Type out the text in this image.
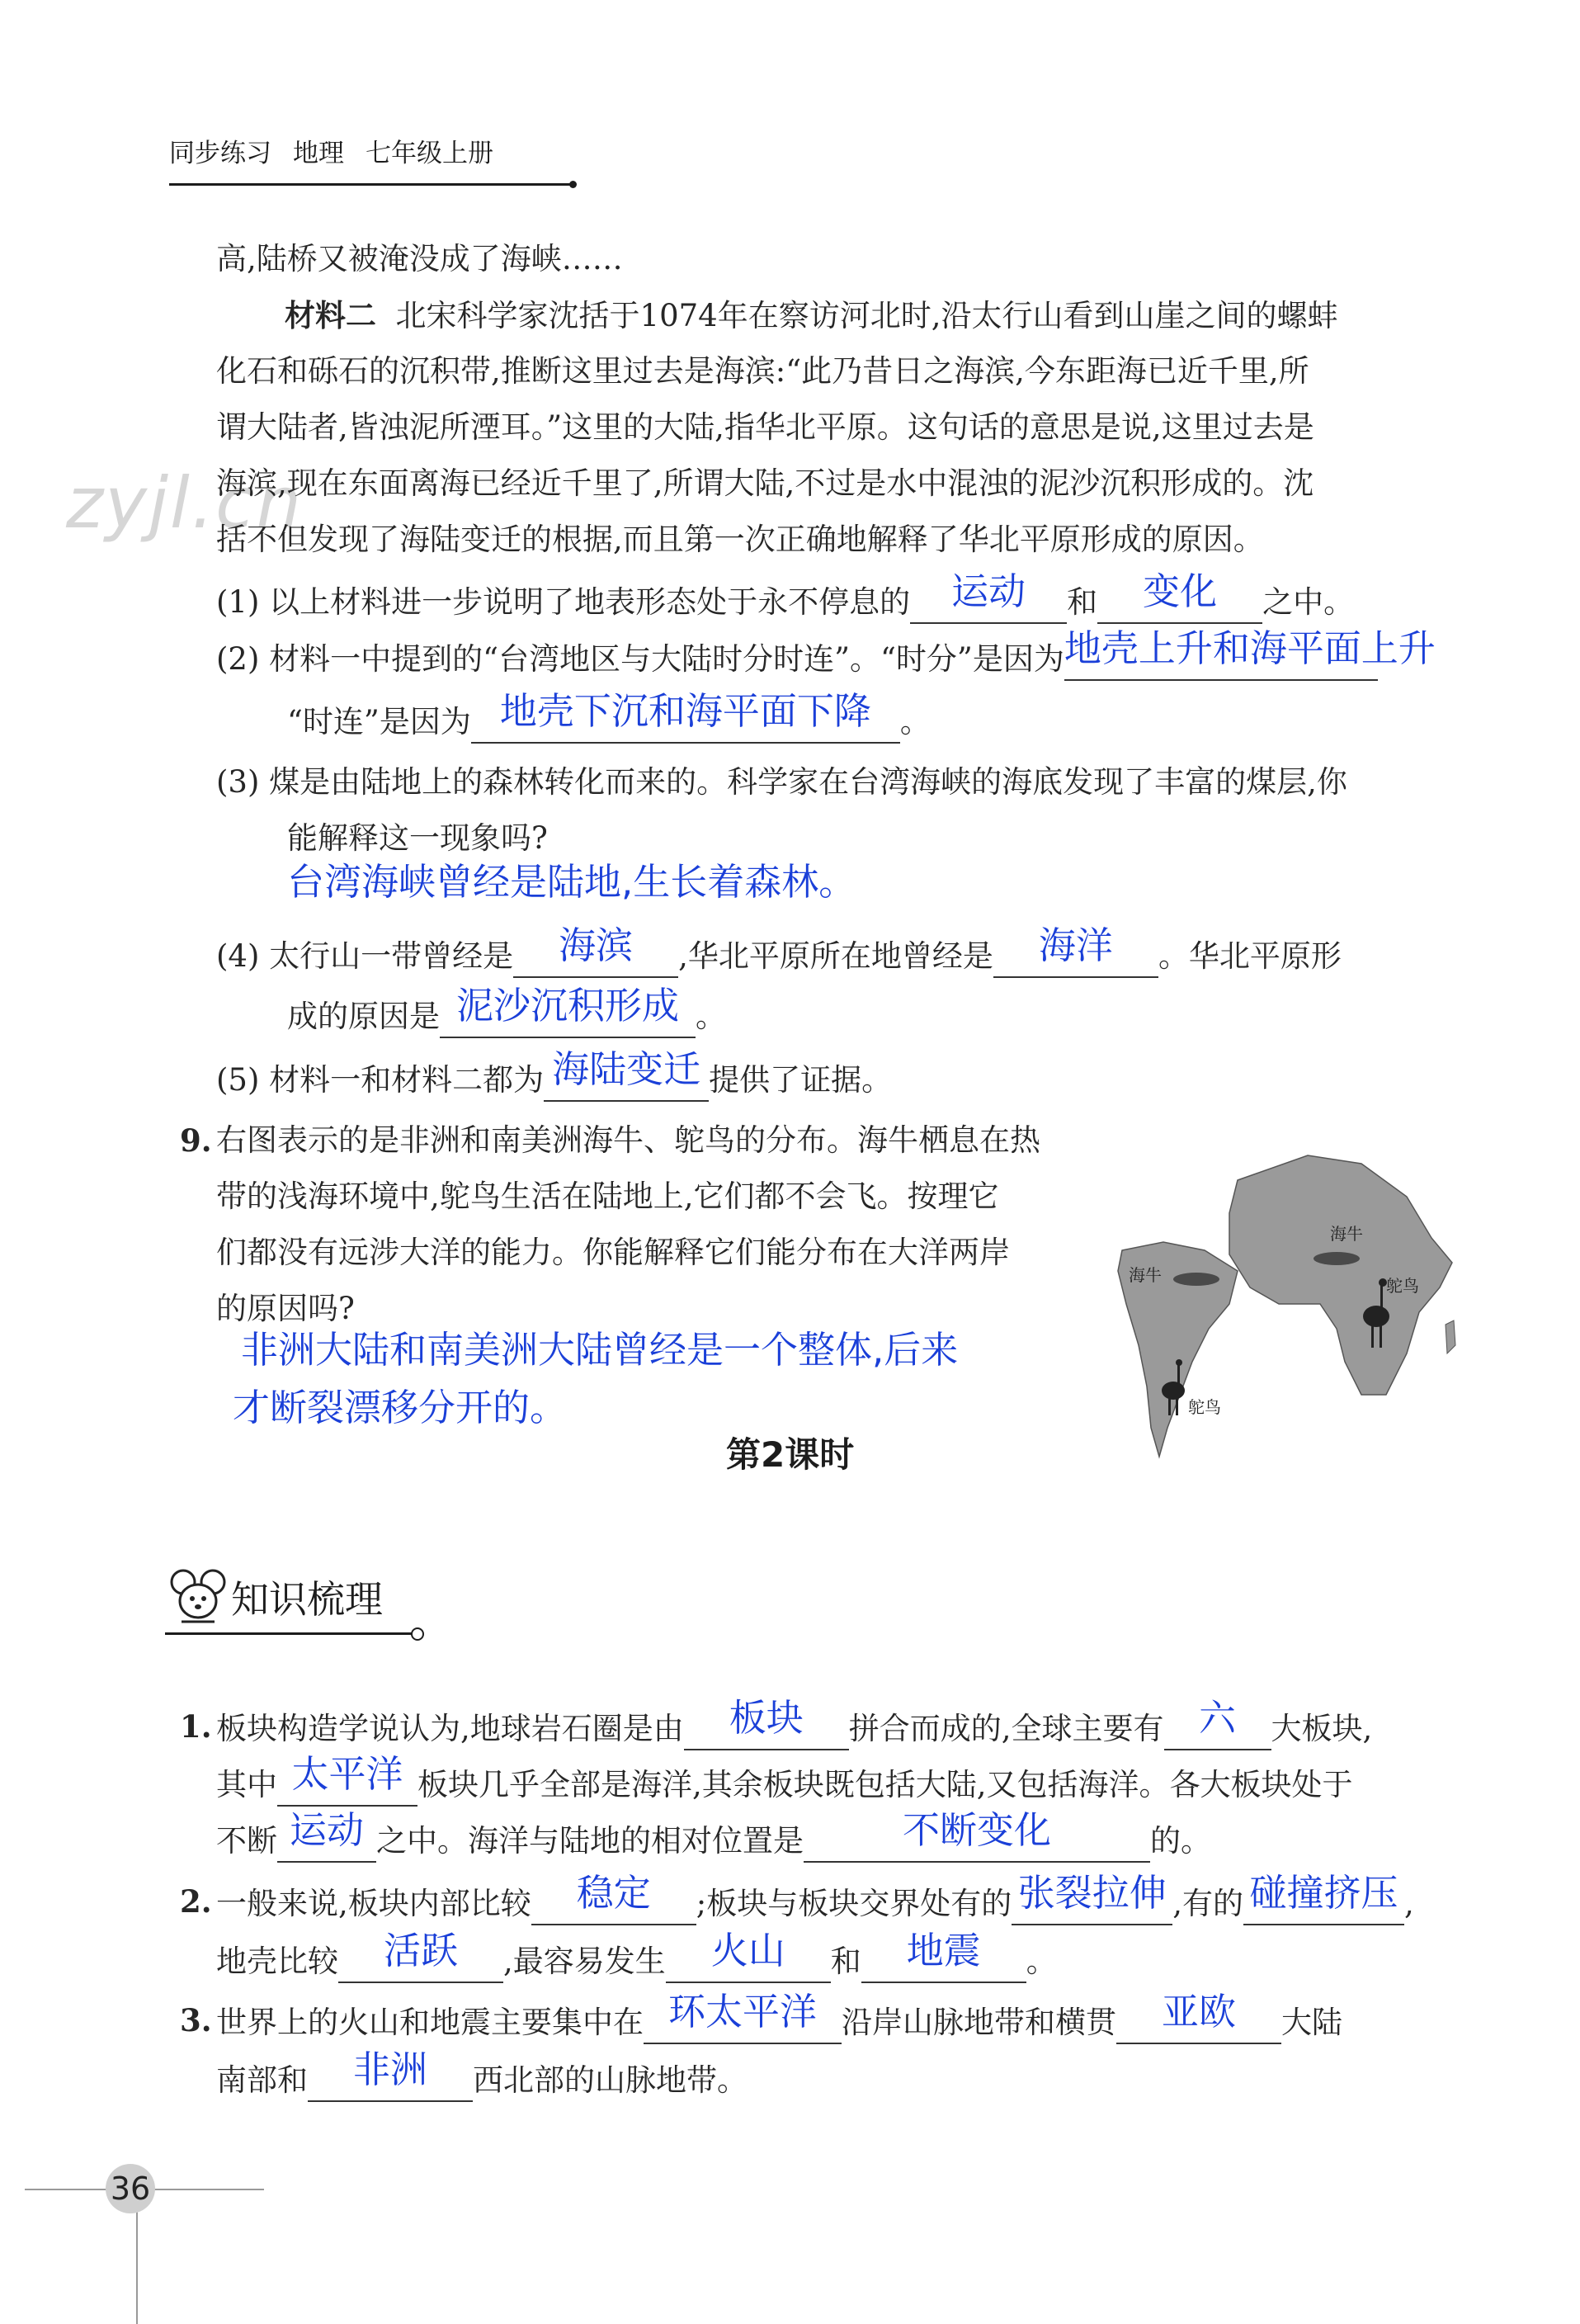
同步练习 地理 七年级上册
zyjl.cn
高,陆桥又被淹没成了海峡……
材料二 北宋科学家沈括于1074年在察访河北时,沿太行山看到山崖之间的螺蚌
化石和砾石的沉积带,推断这里过去是海滨:“此乃昔日之海滨,今东距海已近千里,所
谓大陆者,皆浊泥所湮耳。”这里的大陆,指华北平原。这句话的意思是说,这里过去是
海滨,现在东面离海已经近千里了,所谓大陆,不过是水中混浊的泥沙沉积形成的。沈
括不但发现了海陆变迁的根据,而且第一次正确地解释了华北平原形成的原因。
(1) 以上材料进一步说明了地表形态处于永不停息的 运动 和 变化 之中。
(2) 材料一中提到的“台湾地区与大陆时分时连”。“时分”是因为地壳上升和海平面上升
“时连”是因为 地壳下沉和海平面下降 。
(3) 煤是由陆地上的森林转化而来的。科学家在台湾海峡的海底发现了丰富的煤层,你
能解释这一现象吗?
台湾海峡曾经是陆地,生长着森林。
(4) 太行山一带曾经是 海滨 ,华北平原所在地曾经是 海洋 。华北平原形
成的原因是 泥沙沉积形成 。
(5) 材料一和材料二都为 海陆变迁 提供了证据。
9. 右图表示的是非洲和南美洲海牛、鸵鸟的分布。海牛栖息在热
带的浅海环境中,鸵鸟生活在陆地上,它们都不会飞。按理它
们都没有远涉大洋的能力。你能解释它们能分布在大洋两岸
的原因吗?
非洲大陆和南美洲大陆曾经是一个整体,后来
才断裂漂移分开的。
海牛
鸵鸟
海牛
鸵鸟
第2课时
知识梳理
1. 板块构造学说认为,地球岩石圈是由 板块 拼合而成的,全球主要有 六 大板块,
其中 太平洋 板块几乎全部是海洋,其余板块既包括大陆,又包括海洋。各大板块处于
不断 运动 之中。海洋与陆地的相对位置是	不断变化	的。
2. 一般来说,板块内部比较 稳定 ;板块与板块交界处有的 张裂拉伸 ,有的 碰撞挤压 ,
地壳比较 活跃 ,最容易发生 火山 和 地震 。
3. 世界上的火山和地震主要集中在 环太平洋 沿岸山脉地带和横贯 亚欧 大陆
南部和 非洲 西北部的山脉地带。
36
